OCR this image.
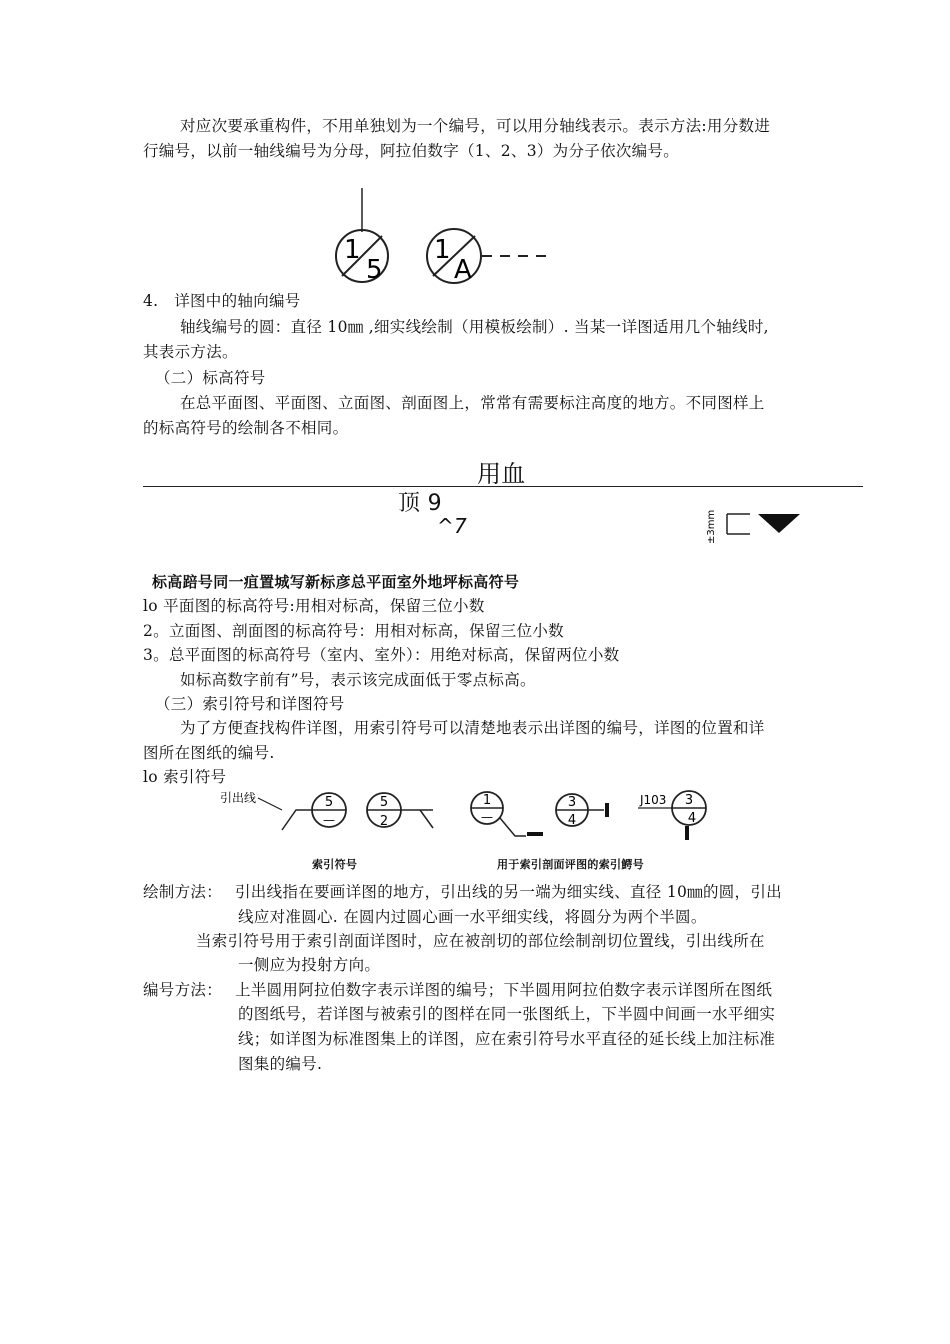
对应次要承重构件，不用单独划为一个编号，可以用分轴线表示。表示方法:用分数进
行编号，以前一轴线编号为分母，阿拉伯数字（1、2、3）为分子依次编号。
1
5
1
A
4.　详图中的轴向编号
轴线编号的圆：直径 10㎜ ,细实线绘制（用模板绘制）. 当某一详图适用几个轴线时,
其表示方法。
（二）标高符号
在总平面图、平面图、立面图、剖面图上，常常有需要标注高度的地方。不同图样上
的标高符号的绘制各不相同。
用血
顶 9
^7	±3mm
标高踣号同一疽置城写新标彦总平面室外地坪标高符号
lo 平面图的标高符号:用相对标高，保留三位小数
2。立面图、剖面图的标高符号：用相对标高，保留三位小数
3。总平面图的标高符号（室内、室外）：用绝对标高，保留两位小数
如标高数字前有”号，表示该完成面低于零点标高。
（三）索引符号和详图符号
为了方便查找构件详图，用索引符号可以清楚地表示出详图的编号，详图的位置和详
图所在图纸的编号.
lo 索引符号
引出线	5
—
5
2
1
—
3
4
J103 3
4
索引符号	用于索引剖面评图的索引鰐号
绘制方法： 引出线指在要画详图的地方，引出线的另一端为细实线、直径 10㎜的圆，引出
线应对准圆心. 在圆内过圆心画一水平细实线，将圆分为两个半圆。
当索引符号用于索引剖面详图时，应在被剖切的部位绘制剖切位置线，引出线所在
一侧应为投射方向。
编号方法： 上半圆用阿拉伯数字表示详图的编号；下半圆用阿拉伯数字表示详图所在图纸
的图纸号，若详图与被索引的图样在同一张图纸上，下半圆中间画一水平细实
线；如详图为标准图集上的详图，应在索引符号水平直径的延长线上加注标准
图集的编号.
